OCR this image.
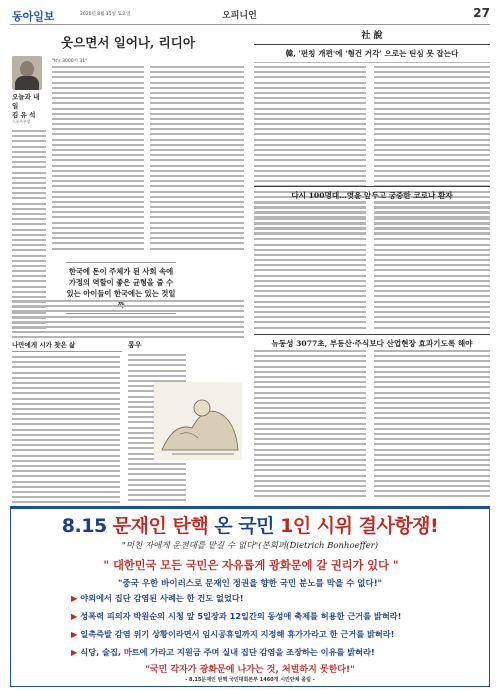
동아일보	2020년 8월 15일 토요일	오피니언	27
웃으면서 일어나, 리디아
"It's 3000시 31"
오늘과 내일
김 유 석
스포츠부장
한국에 돈이 주체가 된 사회 속에 가정의 역할이 좋은 균형을 줄 수 있는 아이들이 한국에는 있는 것일
나만에게 시가 찾은 삶	롱우
社 說
韓, '펀칭 개편'에 '형건 거각' 으로는 틴심 못 잡는다
다시 100명대…엿윤 앞두고 궁중한 코로나 환자
뉴동성 3077초, 부동산·주식보다 산업현장 효과기도록 해야
8.15 문재인 탄핵 온 국민 1인 시위 결사항쟁!
"미친 자에게 운전대를 맡길 수 없다"(본회퍼(Dietrich Bonhoeffer)
" 대한민국 모든 국민은 자유롭게 광화문에 갈 권리가 있다 "
"중국 우한 바이러스로 문재인 정권을 향한 국민 분노를 막을 수 없다!"
▶ 야외에서 집단 감염된 사례는 한 건도 없었다!
▶ 성폭력 피의자 박원순의 시청 앞 5일장과 12일간의 동성애 축제를 허용한 근거를 밝혀라!
▶ 일촉즉발 감염 위기 상황이라면서 임시공휴일까지 지정해 휴가가라고 한 근거를 밝혀라!
▶ 식당, 술집, 마트에 가라고 지원금 주며 실내 집단 감염을 조장하는 이유를 밝혀라!
"국민 각자가 광화문에 나가는 것, 처벌하지 못한다!"
- 8.15문재인 탄핵 국민대회본부 1460개 시민단체 올림 -
